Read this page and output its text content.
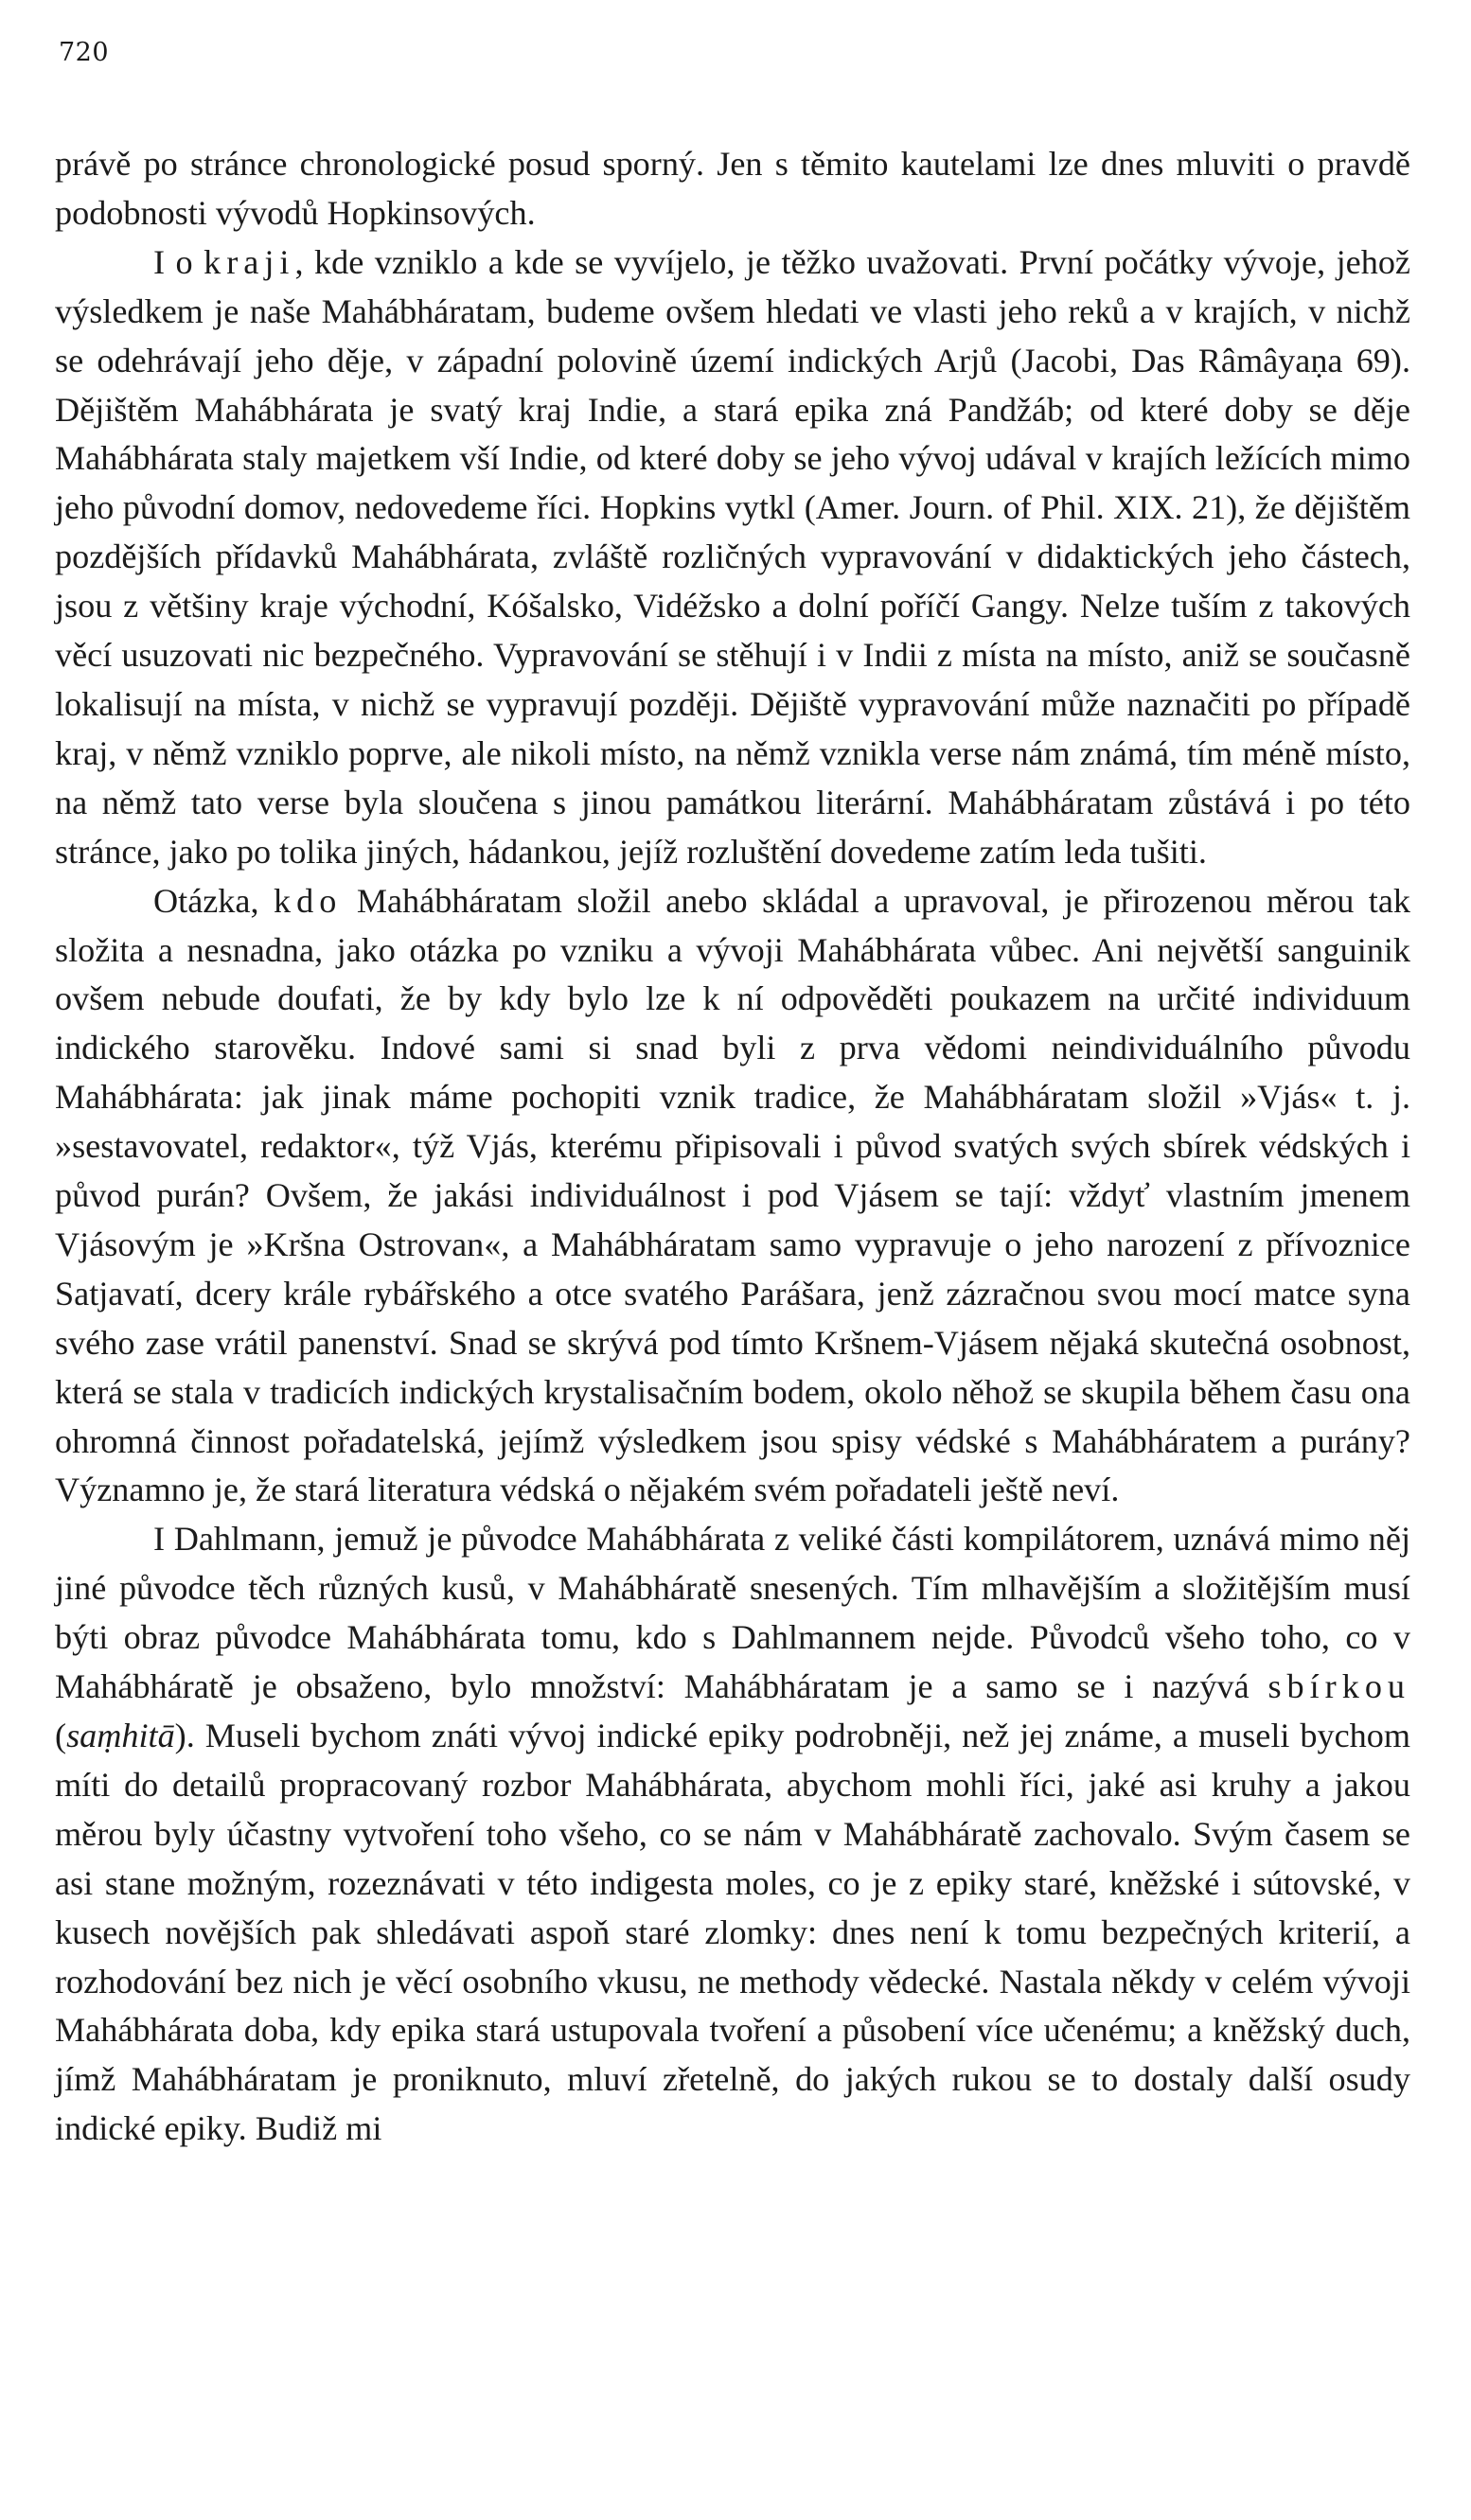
720

právě po stránce chronologické posud sporný. Jen s těmito kautelami lze dnes mluviti o pravdě podobnosti vývodů Hopkinsových.

I o kraji, kde vzniklo a kde se vyvíjelo, je těžko uvažovati. První počátky vývoje, jehož výsledkem je naše Mahábháratam, budeme ovšem hledati ve vlasti jeho reků a v krajích, v nichž se odehrávají jeho děje, v západní polovině území indických Arjů (Jacobi, Das Râmâyaṇa 69). Dějištěm Mahábhárata je svatý kraj Indie, a stará epika zná Pandžáb; od které doby se děje Mahábhárata staly majetkem vší Indie, od které doby se jeho vývoj udával v krajích ležících mimo jeho původní domov, nedovedeme říci. Hopkins vytkl (Amer. Journ. of Phil. XIX. 21), že dějištěm pozdějších přídavků Mahábhárata, zvláště rozličných vypravování v didaktických jeho částech, jsou z většiny kraje východní, Kóšalsko, Vidéžsko a dolní poříčí Gangy. Nelze tuším z takových věcí usuzovati nic bezpečného. Vypravování se stěhují i v Indii z místa na místo, aniž se současně lokalisují na místa, v nichž se vypravují později. Dějiště vypravování může naznačiti po případě kraj, v němž vzniklo poprve, ale nikoli místo, na němž vznikla verse nám známá, tím méně místo, na němž tato verse byla sloučena s jinou památkou literární. Mahábháratam zůstává i po této stránce, jako po tolika jiných, hádankou, jejíž rozluštění dovedeme zatím leda tušiti.

Otázka, kdo Mahábháratam složil anebo skládal a upravoval, je přirozenou měrou tak složita a nesnadna, jako otázka po vzniku a vývoji Mahábhárata vůbec. Ani největší sanguinik ovšem nebude doufati, že by kdy bylo lze k ní odpověděti poukazem na určité individuum indického starověku. Indové sami si snad byli z prva vědomi neindividuálního původu Mahábhárata: jak jinak máme pochopiti vznik tradice, že Mahábháratam složil »Vjás« t. j. »sestavovatel, redaktor«, týž Vjás, kterému připisovali i původ svatých svých sbírek védských i původ purán? Ovšem, že jakási individuálnost i pod Vjásem se tají: vždyť vlastním jmenem Vjásovým je »Kršna Ostrovan«, a Mahábháratam samo vypravuje o jeho narození z přívoznice Satjavatí, dcery krále rybářského a otce svatého Parášara, jenž zázračnou svou mocí matce syna svého zase vrátil panenství. Snad se skrývá pod tímto Kršnem-Vjásem nějaká skutečná osobnost, která se stala v tradicích indických krystalisačním bodem, okolo něhož se skupila během času ona ohromná činnost pořadatelská, jejímž výsledkem jsou spisy védské s Mahábháratem a purány? Významno je, že stará literatura védská o nějakém svém pořadateli ještě neví.

I Dahlmann, jemuž je původce Mahábhárata z veliké části kompilátorem, uznává mimo něj jiné původce těch různých kusů, v Mahábháratě snesených. Tím mlhavějším a složitějším musí býti obraz původce Mahábhárata tomu, kdo s Dahlmannem nejde. Původců všeho toho, co v Mahábháratě je obsaženo, bylo množství: Mahábháratam je a samo se i nazývá sbírkou (saṃhitā). Museli bychom znáti vývoj indické epiky podrobněji, než jej známe, a museli bychom míti do detailů propracovaný rozbor Mahábhárata, abychom mohli říci, jaké asi kruhy a jakou měrou byly účastny vytvoření toho všeho, co se nám v Mahábháratě zachovalo. Svým časem se asi stane možným, rozeznávati v této indigesta moles, co je z epiky staré, kněžské i sútovské, v kusech novějších pak shledávati aspoň staré zlomky: dnes není k tomu bezpečných kriterií, a rozhodování bez nich je věcí osobního vkusu, ne methody vědecké. Nastala někdy v celém vývoji Mahábhárata doba, kdy epika stará ustupovala tvoření a působení více učenému; a kněžský duch, jímž Mahábháratam je proniknuto, mluví zřetelně, do jakých rukou se to dostaly další osudy indické epiky. Budiž mi
